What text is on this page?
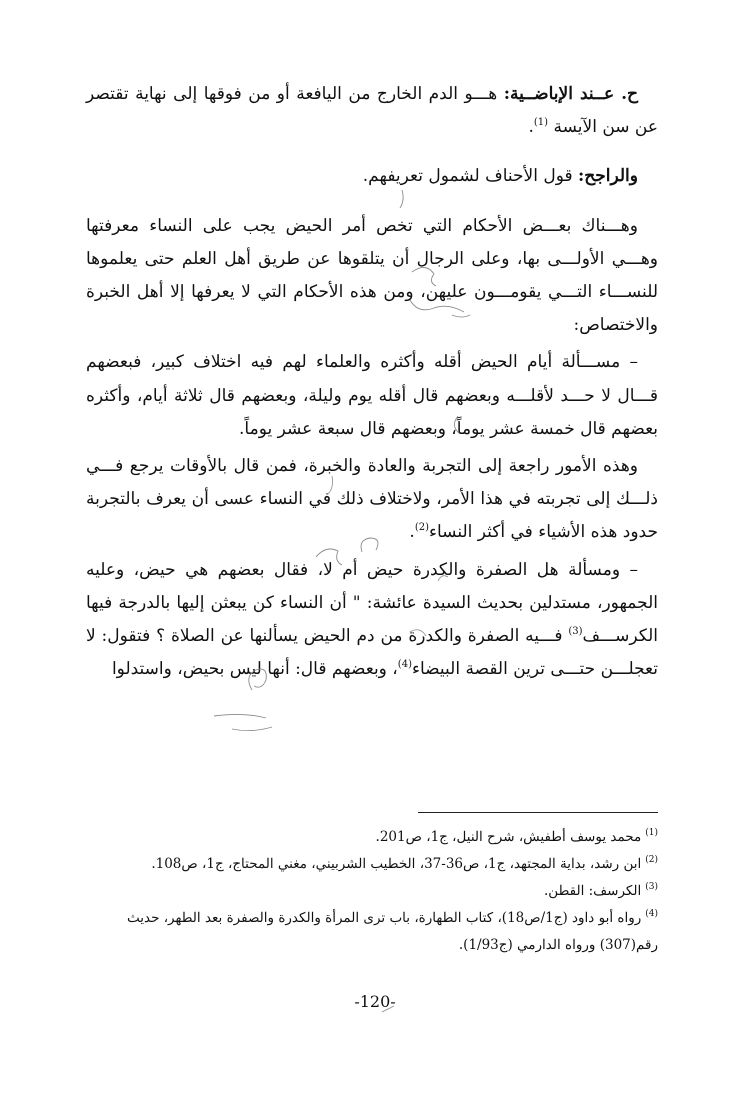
ح. عــند الإباضــية: هـــو الدم الخارج من اليافعة أو من فوقها إلى نهاية تقتصر عن سن الآيسة $^{(1)}$.

والراجح: قول الأحناف لشمول تعريفهم.

وهـــناك بعـــض الأحكام التي تخص أمر الحيض يجب على النساء معرفتها وهـــي الأولـــى بها، وعلى الرجال أن يتلقوها عن طريق أهل العلم حتى يعلموها للنســـاء التـــي يقومـــون عليهن، ومن هذه الأحكام التي لا يعرفها إلا أهل الخبرة والاختصاص:

– مســـألة أيام الحيض أقله وأكثره والعلماء لهم فيه اختلاف كبير، فبعضهم قـــال لا حـــد لأقلـــه وبعضهم قال أقله يوم وليلة، وبعضهم قال ثلاثة أيام، وأكثره بعضهم قال خمسة عشر يوماً، وبعضهم قال سبعة عشر يوماً.

وهذه الأمور راجعة إلى التجربة والعادة والخبرة، فمن قال بالأوقات يرجع فـــي ذلـــك إلى تجربته في هذا الأمر، ولاختلاف ذلك في النساء عسى أن يعرف بالتجربة حدود هذه الأشياء في أكثر النساء$^{(2)}$.

– ومسألة هل الصفرة والكدرة حيض أم لا، فقال بعضهم هي حيض، وعليه الجمهور، مستدلين بحديث السيدة عائشة: " أن النساء كن يبعثن إليها بالدرجة فيها الكرســـف$^{(3)}$ فـــيه الصفرة والكدرة من دم الحيض يسألنها عن الصلاة ؟ فتقول: لا تعجلـــن حتـــى ترين القصة البيضاء$^{(4)}$، وبعضهم قال: أنها ليس بحيض، واستدلوا

$^{(1)}$محمد يوسف أطفيش، شرح النيل، ج1، ص201.

$^{(2)}$ابن رشد، بداية المجتهد، ج1، ص36-37، الخطيب الشربيني، مغني المحتاج، ج1، ص108.

$^{(3)}$الكرسف: القطن.

$^{(4)}$رواه أبو داود (ج1/ص18)، كتاب الطهارة، باب ترى المرأة والكدرة والصفرة بعد الطهر، حديث رقم(307) ورواه الدارمي (ج1/93).

-120-
